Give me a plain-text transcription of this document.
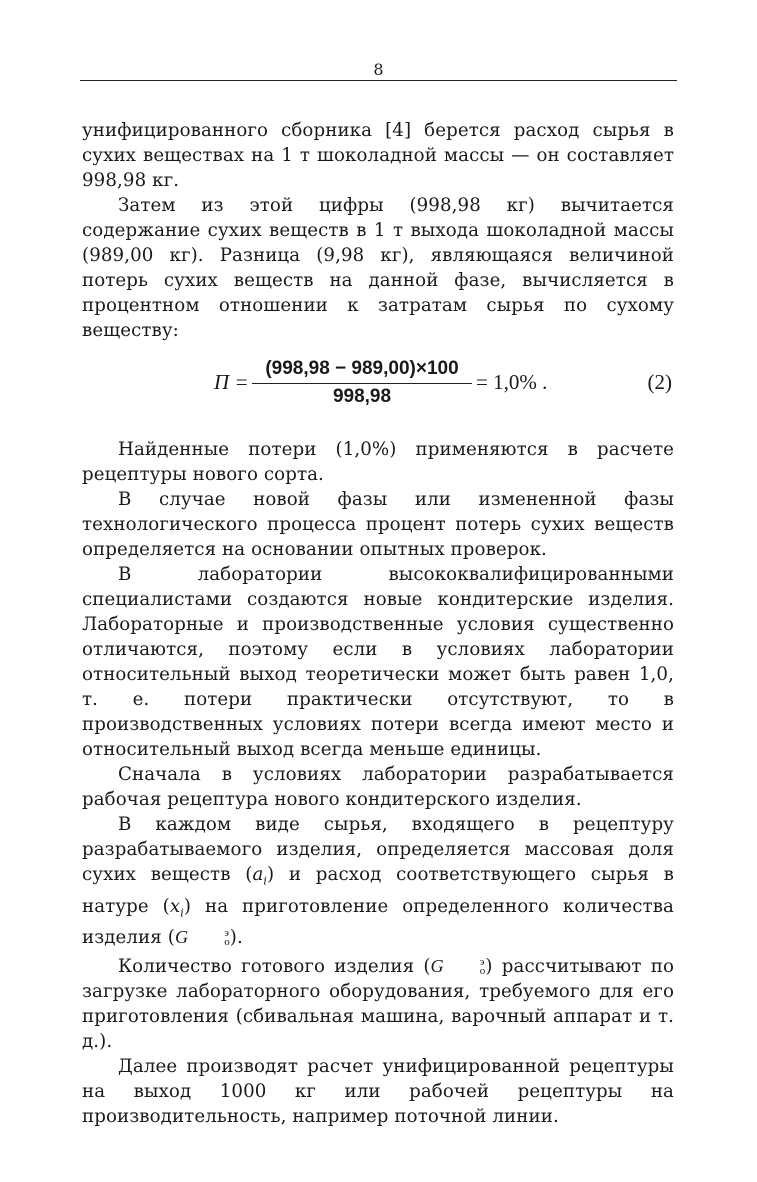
8

унифицированного сборника [4] берется расход сырья в сухих веществах на 1 т шоколадной массы — он составляет 998,98 кг.

Затем из этой цифры (998,98 кг) вычитается содержание сухих веществ в 1 т выхода шоколадной массы (989,00 кг). Разница (9,98 кг), являющаяся величиной потерь сухих веществ на данной фазе, вычисляется в процентном отношении к затратам сырья по сухому веществу:

$П = \frac{(998,98 - 989,00)\times 100}{998,98} = 1,0\%$ .	(2)

Найденные потери (1,0%) применяются в расчете рецептуры нового сорта.

В случае новой фазы или измененной фазы технологического процесса процент потерь сухих веществ определяется на основании опытных проверок.

В лаборатории высококвалифицированными специалистами создаются новые кондитерские изделия. Лабораторные и производственные условия существенно отличаются, поэтому если в условиях лаборатории относительный выход теоретически может быть равен 1,0, т. е. потери практически отсутствуют, то в производственных условиях потери всегда имеют место и относительный выход всегда меньше единицы.

Сначала в условиях лаборатории разрабатывается рабочая рецептура нового кондитерского изделия.

В каждом виде сырья, входящего в рецептуру разрабатываемого изделия, определяется массовая доля сухих веществ $(a_i)$ и расход соответствующего сырья в натуре $(x_i)$ на приготовление определенного количества изделия (G	э
о ).

Количество готового изделия (G	э
о ) рассчитывают по загрузке лабораторного оборудования, требуемого для его приготовления (сбивальная машина, варочный аппарат и т. д.).

Далее производят расчет унифицированной рецептуры на выход 1000 кг или рабочей рецептуры на производительность, например поточной линии.
